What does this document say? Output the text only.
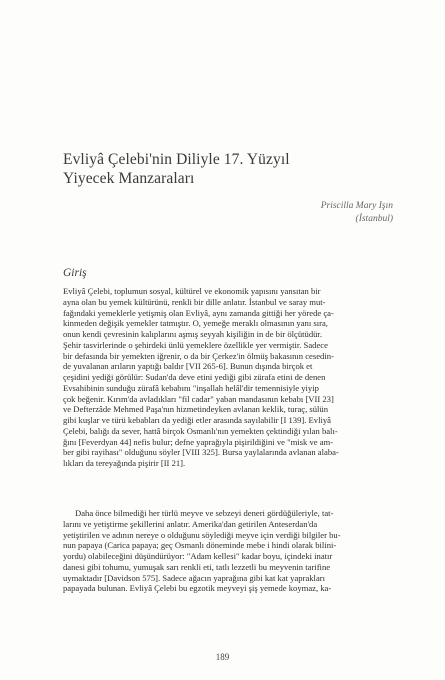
Evliyâ Çelebi'nin Diliyle 17. Yüzyıl
Yiyecek Manzaraları
Priscilla Mary Işın
(İstanbul)
Giriş
Evliyâ Çelebi, toplumun sosyal, kültürel ve ekonomik yapısını yansıtan bir
ayna olan bu yemek kültürünü, renkli bir dille anlatır. İstanbul ve saray mut-
fağındaki yemeklerle yetişmiş olan Evliyâ, aynı zamanda gittiği her yörede ça-
kinmeden değişik yemekler tatmıştır. O, yemeğe meraklı olmasının yanı sıra,
onun kendi çevresinin kalıplarını aşmış seyyah kişiliğin in de bir ölçütüdür.
Şehir tasvirlerinde o şehirdeki ünlü yemeklere özellikle yer vermiştir. Sadece
bir defasında bir yemekten iğrenir, o da bir Çerkez'in ölmüş bakasının cesedin-
de yuvalanan arıların yaptığı baldır [VII 265-6]. Bunun dışında birçok et
çeşidini yediği görülür: Sudan'da deve etini yediği gibi zürafa etini de denen
Evsahibinin sunduğu zürafâ kebabını "inşallah helâl'dir temennisiyle yiyip
çok beğenir. Kırım'da avladıkları "fil cadar" yaban mandasının kebabı [VII 23]
ve Defterzâde Mehmed Paşa'nın hizmetindeyken avlanan keklik, turaç, sülün
gibi kuşlar ve türü kebabları da yediği etler arasında sayılabilir [I 139]. Evliyâ
Çelebi, balığı da sever, hattâ birçok Osmanlı'nın yemekten çektindiği yılan balı-
ğını [Feverdyan 44] nefis bulur; defne yaprağıyla pişirildiğini ve "misk ve am-
ber gibi rayihası" olduğunu söyler [VIII 325]. Bursa yaylalarında avlanan alaba-
lıkları da tereyağında pişirir [II 21].
Daha önce bilmediği her türlü meyve ve sebzeyi deneri gördüğüleriyle, tat-
larını ve yetiştirme şekillerini anlatır. Amerika'dan getirilen Anteserdan'da
yetiştirilen ve adının nereye o olduğunu söylediği meyve için verdiği bilgiler bu-
nun papaya (Carica papaya; geç Osmanlı döneminde mebe i hindi olarak bilini-
yordu) olabileceğini düşündürüyor: "Adam kellesi" kadar boyu, içindeki inatır
danesi gibi tohumu, yumuşak sarı renkli eti, tatlı lezzetli bu meyvenin tarifine
uymaktadır [Davidson 575]. Sadece ağacın yaprağına gibi kat kat yaprakları
papayada bulunan. Evliyâ Çelebi bu egzotik meyveyi şiş yemede koymaz, ka-
189
